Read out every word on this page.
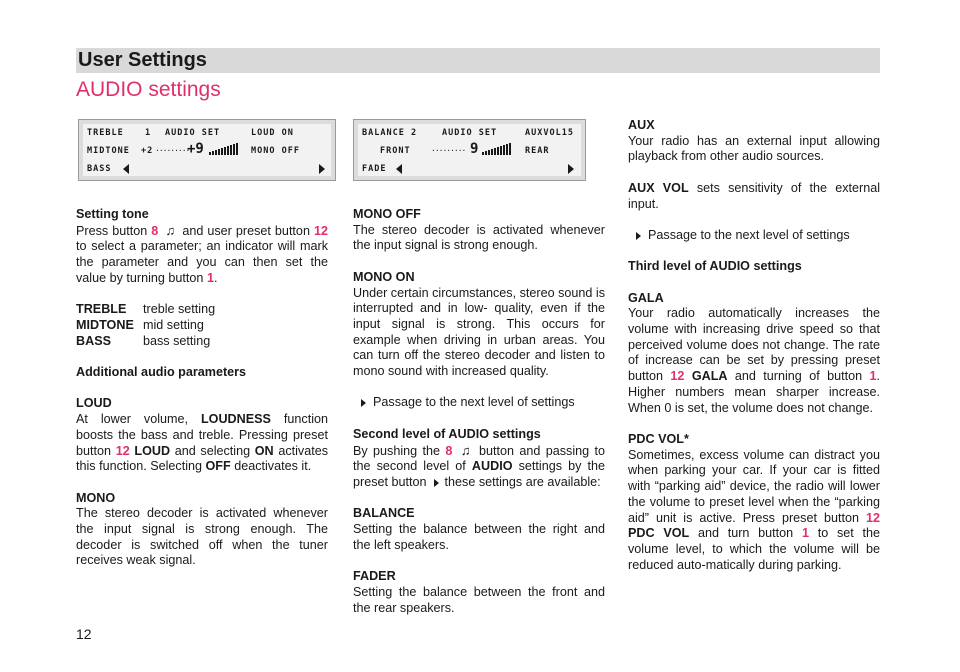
User Settings
AUDIO settings
TREBLE	1 AUDIO SET	LOUD ON
MIDTONE +2 .........
+9	MONO OFF
BASS
BALANCE 2	AUDIO SET	AUXVOL15
FRONT	......... 9	REAR
FADE

Setting tone

Press button 8 ♫ and user preset button 12 to select a parameter; an indicator will mark the parameter and you can then set the value by turning button 1.

TREBLE	treble setting
MIDTONE mid setting
BASS	bass setting

Additional audio parameters

LOUD

At lower volume, LOUDNESS function boosts the bass and treble. Pressing preset button 12 LOUD and selecting ON activates this function. Selecting OFF deactivates it.

MONO

The stereo decoder is activated whenever the input signal is strong enough. The decoder is switched off when the tuner receives weak signal.

MONO OFF

The stereo decoder is activated whenever the input signal is strong enough.

MONO ON

Under certain circumstances, stereo sound is interrupted and in low- quality, even if the input signal is strong. This occurs for example when driving in urban areas. You can turn off the stereo decoder and listen to mono sound with increased quality.

Passage to the next level of settings

Second level of AUDIO settings

By pushing the 8 ♫ button and passing to the second level of AUDIO settings by the preset button  these settings are available:

BALANCE

Setting the balance between the right and the left speakers.

FADER

Setting the balance between the front and the rear speakers.

AUX

Your radio has an external input allowing playback from other audio sources.

AUX VOL sets sensitivity of the external input.

Passage to the next level of settings

Third level of AUDIO settings

GALA

Your radio automatically increases the volume with increasing drive speed so that perceived volume does not change. The rate of increase can be set by pressing preset button 12 GALA and turning of button 1. Higher numbers mean sharper increase. When 0 is set, the volume does not change.

PDC VOL*

Sometimes, excess volume can distract you when parking your car. If your car is fitted with “parking aid” device, the radio will lower the volume to preset level when the “parking aid” unit is active. Press preset button 12 PDC VOL and turn button 1 to set the volume level, to which the volume will be reduced auto-matically during parking.

12
